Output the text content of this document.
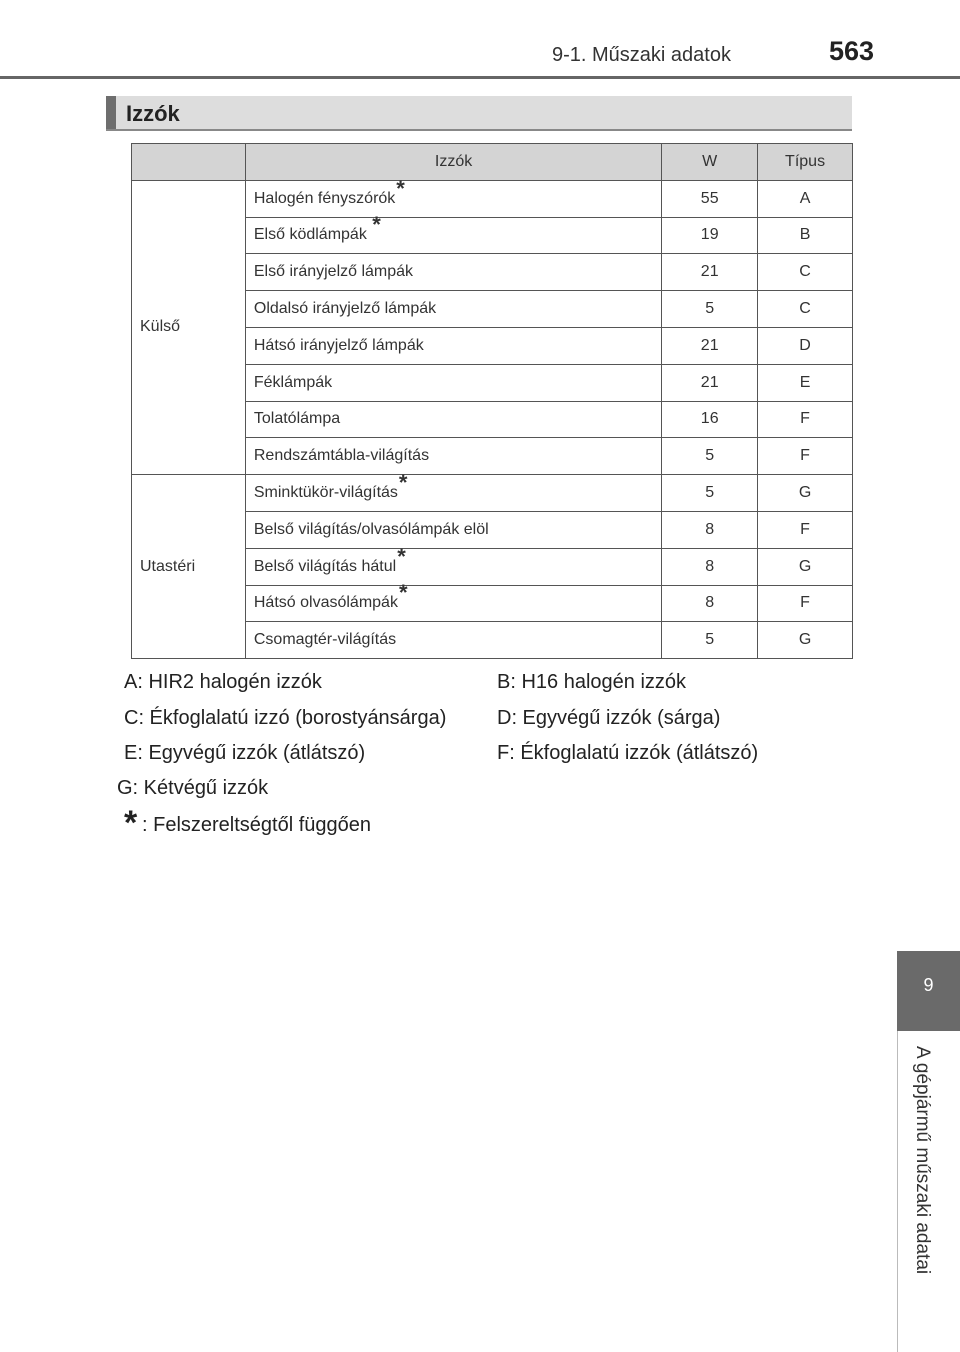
9-1. Műszaki adatok	563
Izzók
	Izzók	W	Típus
Külső	Halogén fényszórók*	55	A
	Első ködlámpák *	19	B
	Első irányjelző lámpák	21	C
	Oldalsó irányjelző lámpák	5	C
	Hátsó irányjelző lámpák	21	D
	Féklámpák	21	E
	Tolatólámpa	16	F
	Rendszámtábla-világítás	5	F
Utastéri	Sminktükör-világítás*	5	G
	Belső világítás/olvasólámpák elöl	8	F
	Belső világítás hátul*	8	G
	Hátsó olvasólámpák*	8	F
	Csomagtér-világítás	5	G
A: HIR2 halogén izzók	B: H16 halogén izzók
C: Ékfoglalatú izzó (borostyánsárga)	D: Egyvégű izzók (sárga)
E: Egyvégű izzók (átlátszó)	F: Ékfoglalatú izzók (átlátszó)
G: Kétvégű izzók
* : Felszereltségtől függően
9
A gépjármű műszaki adatai
